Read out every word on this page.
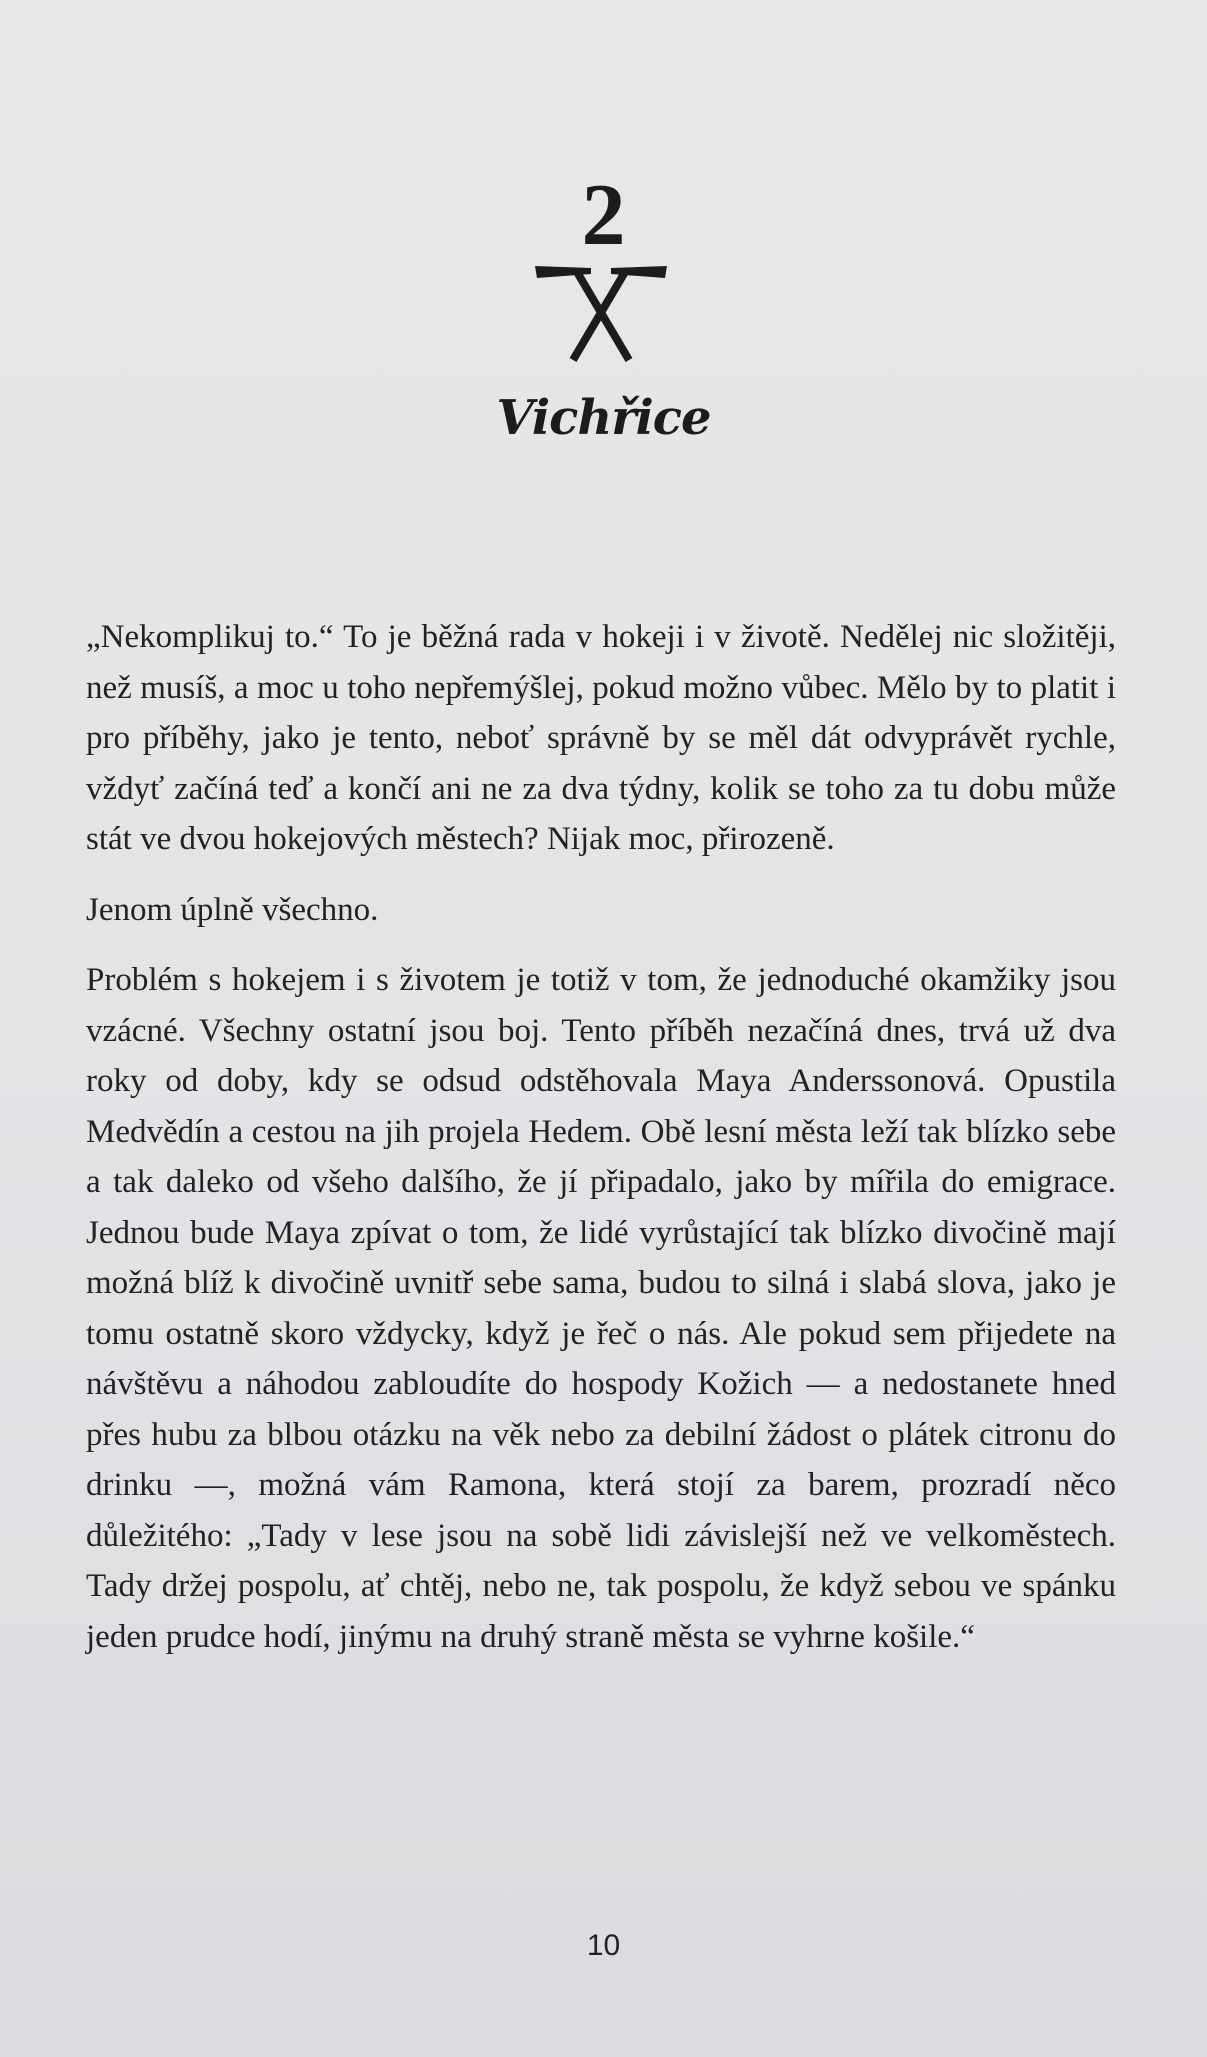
2
Vichřice

„Nekomplikuj to.“ To je běžná rada v hokeji i v životě. Nedělej nic složitěji, než musíš, a moc u toho nepřemýšlej, pokud možno vůbec. Mělo by to platit i pro příběhy, jako je tento, neboť správně by se měl dát odvyprávět rychle, vždyť začíná teď a končí ani ne za dva týdny, kolik se toho za tu dobu může stát ve dvou hokejových městech? Nijak moc, přirozeně.

Jenom úplně všechno.

Problém s hokejem i s životem je totiž v tom, že jednoduché okamžiky jsou vzácné. Všechny ostatní jsou boj. Tento příběh nezačíná dnes, trvá už dva roky od doby, kdy se odsud odstěhovala Maya Anderssonová. Opustila Medvědín a cestou na jih projela Hedem. Obě lesní města leží tak blízko sebe a tak daleko od všeho dalšího, že jí připadalo, jako by mířila do emigrace. Jednou bude Maya zpívat o tom, že lidé vyrůstající tak blízko divočině mají možná blíž k divočině uvnitř sebe sama, budou to silná i slabá slova, jako je tomu ostatně skoro vždycky, když je řeč o nás. Ale pokud sem přijedete na návštěvu a náhodou zabloudíte do hospody Kožich — a nedostanete hned přes hubu za blbou otázku na věk nebo za debilní žádost o plátek citronu do drinku —, možná vám Ramona, která stojí za barem, prozradí něco důležitého: „Tady v lese jsou na sobě lidi závislejší než ve velkoměstech. Tady držej pospolu, ať chtěj, nebo ne, tak pospolu, že když sebou ve spánku jeden prudce hodí, jinýmu na druhý straně města se vyhrne košile.“

10
